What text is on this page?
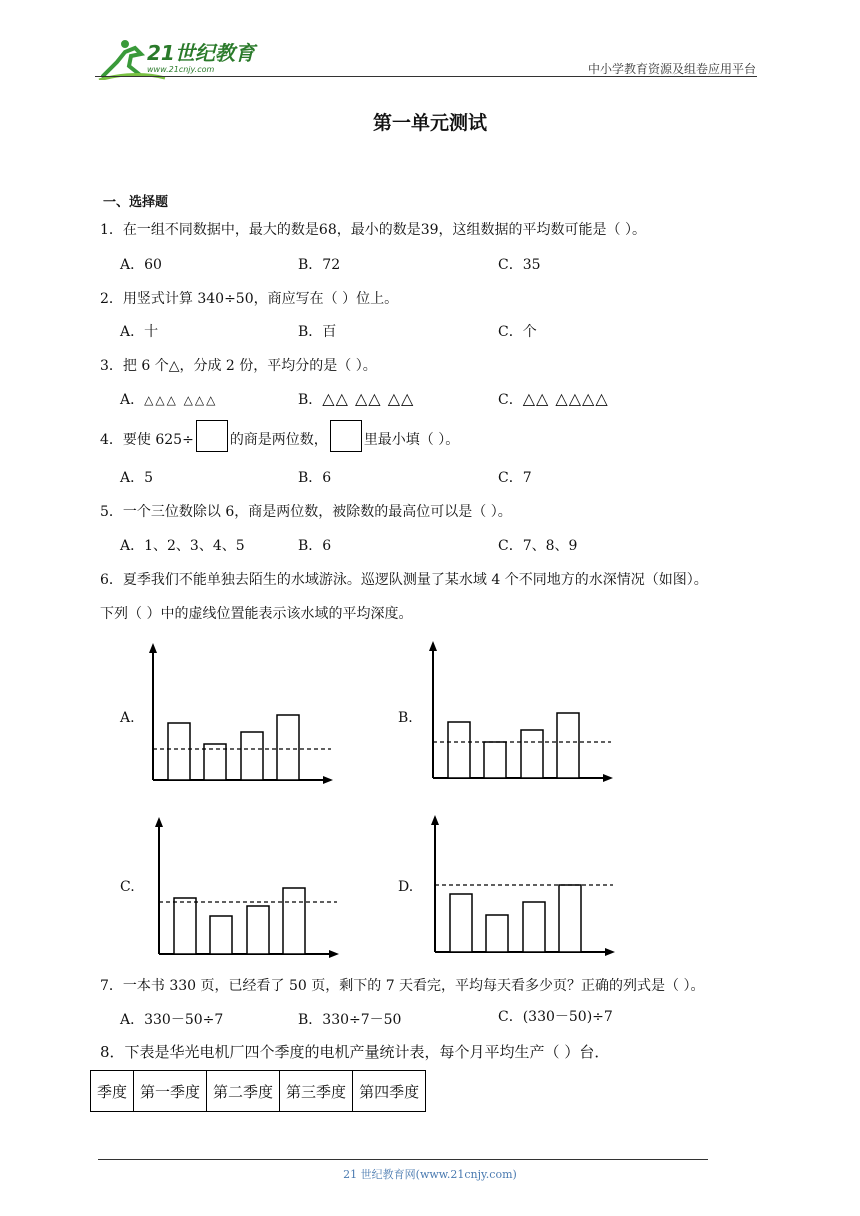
21世纪教育
www.21cnjy.com	中小学教育资源及组卷应用平台
第一单元测试
一、选择题
1．在一组不同数据中，最大的数是68，最小的数是39，这组数据的平均数可能是（ ）。
A．60	B．72	C．35
2．用竖式计算 340÷50，商应写在（ ）位上。
A．十	B．百	C．个
3．把 6 个△，分成 2 份，平均分的是（ ）。
A．△△△ △△△	B．△△ △△ △△	C．△△ △△△△
4．要使 625÷	的商是两位数，	里最小填（ ）。
A．5	B．6	C．7
5．一个三位数除以 6，商是两位数，被除数的最高位可以是（ ）。
A．1、2、3、4、5	B．6	C．7、8、9
6．夏季我们不能单独去陌生的水域游泳。巡逻队测量了某水域 4 个不同地方的水深情况（如图）。
下列（ ）中的虚线位置能表示该水域的平均深度。
A.	B.
C.	D.
7．一本书 330 页，已经看了 50 页，剩下的 7 天看完，平均每天看多少页？正确的列式是（ ）。
A．330－50÷7	B．330÷7－50	C．(330－50)÷7
8．下表是华光电机厂四个季度的电机产量统计表，每个月平均生产（ ）台．
季度	第一季度	第二季度	第三季度	第四季度
21 世纪教育网(www.21cnjy.com)
